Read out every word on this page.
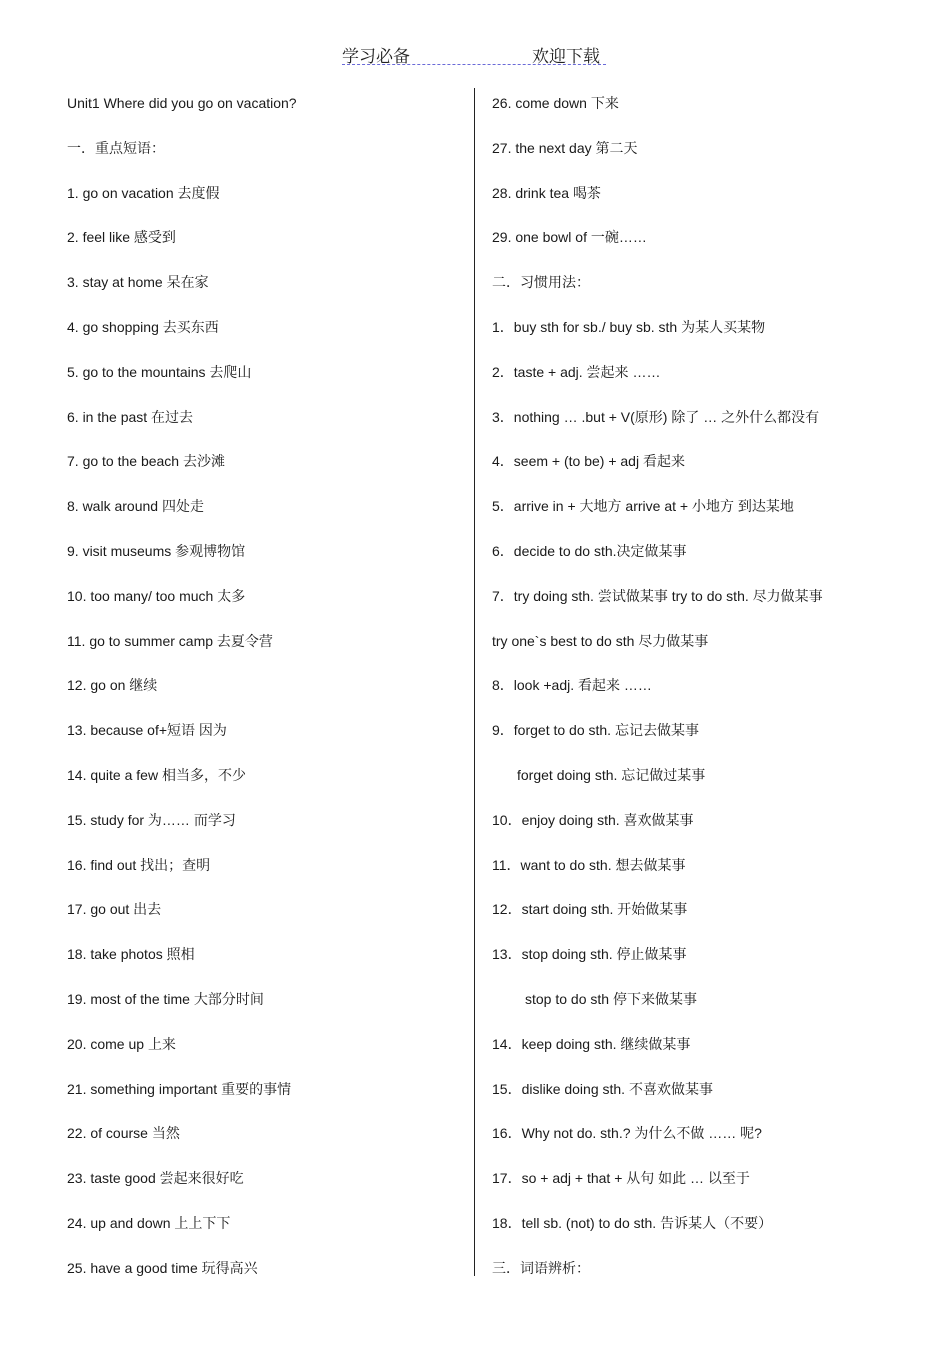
学习必备	欢迎下载
Unit1 Where did you go on vacation?
一．重点短语：
1. go on vacation 去度假
2. feel like 感受到
3. stay at home 呆在家
4. go shopping 去买东西
5. go to the mountains 去爬山
6. in the past 在过去
7. go to the beach 去沙滩
8. walk around 四处走
9. visit museums 参观博物馆
10. too many/ too much 太多
11. go to summer camp 去夏令营
12. go on 继续
13. because of+短语 因为
14. quite a few 相当多，不少
15. study for 为…… 而学习
16. find out 找出；查明
17. go out 出去
18. take photos 照相
19. most of the time 大部分时间
20. come up 上来
21. something important 重要的事情
22. of course 当然
23. taste good 尝起来很好吃
24. up and down 上上下下
25. have a good time 玩得高兴
26. come down 下来
27. the next day 第二天
28. drink tea 喝茶
29. one bowl of 一碗……
二．习惯用法：
1．buy sth for sb./ buy sb. sth 为某人买某物
2．taste + adj. 尝起来 ……
3．nothing … .but + V(原形) 除了 … 之外什么都没有
4．seem + (to be) + adj 看起来
5．arrive in + 大地方 arrive at + 小地方 到达某地
6．decide to do sth.决定做某事
7．try doing sth. 尝试做某事 try to do sth. 尽力做某事
try one`s best to do sth 尽力做某事
8．look +adj. 看起来 ……
9．forget to do sth. 忘记去做某事
forget doing sth. 忘记做过某事
10．enjoy doing sth. 喜欢做某事
11．want to do sth. 想去做某事
12．start doing sth. 开始做某事
13．stop doing sth. 停止做某事
stop to do sth 停下来做某事
14．keep doing sth. 继续做某事
15．dislike doing sth. 不喜欢做某事
16．Why not do. sth.? 为什么不做 …… 呢?
17．so + adj + that + 从句 如此 … 以至于
18．tell sb. (not) to do sth. 告诉某人（不要）
三．词语辨析：
